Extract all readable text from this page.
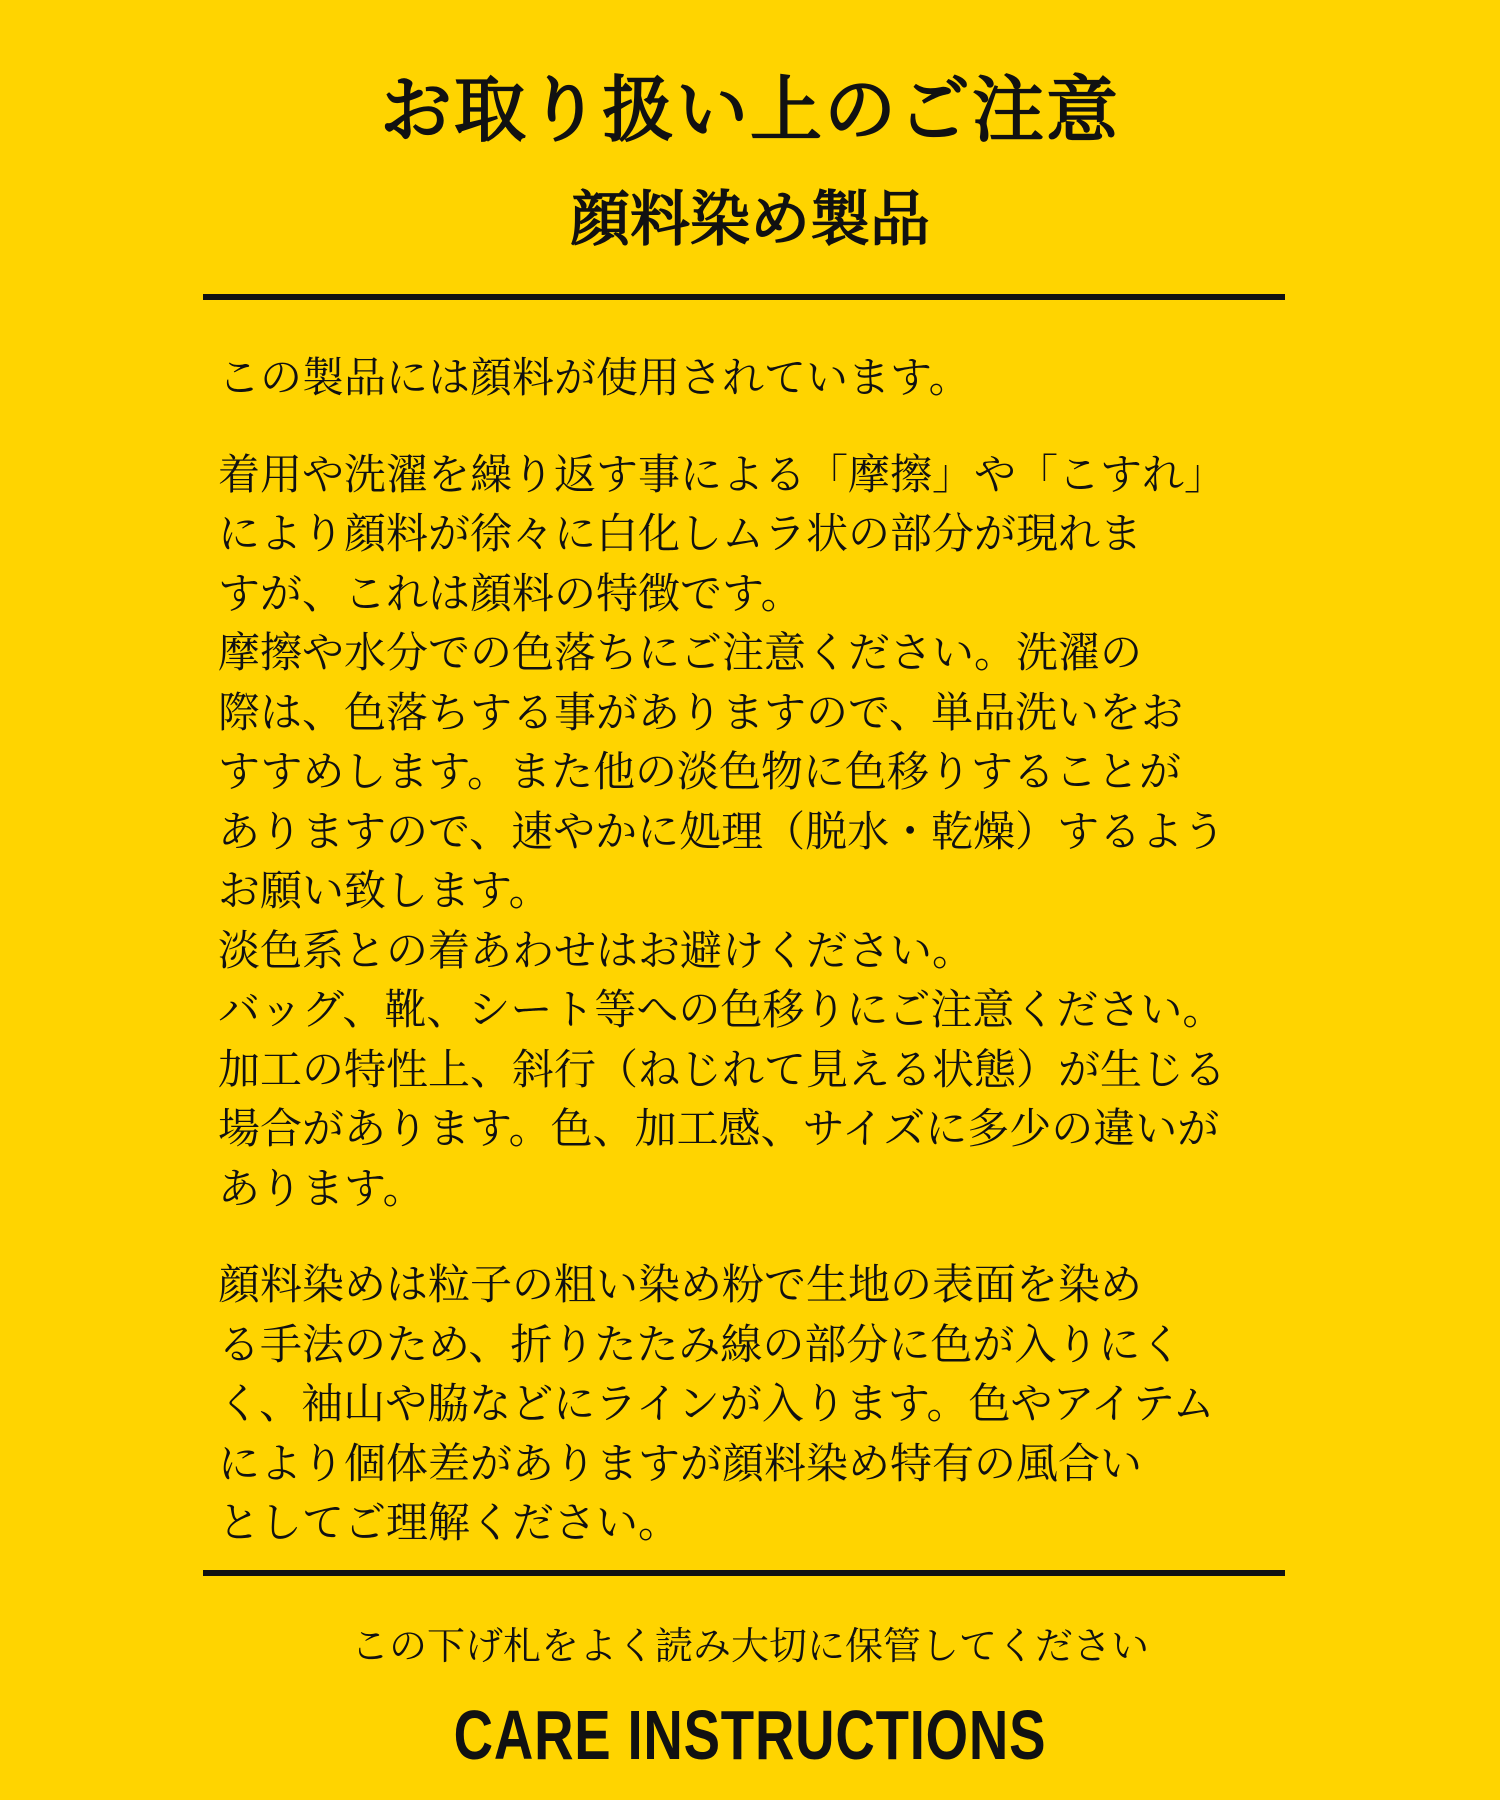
お取り扱い上のご注意
顔料染め製品

この製品には顔料が使用されています。

着用や洗濯を繰り返す事による「摩擦」や「こすれ」
により顔料が徐々に白化しムラ状の部分が現れま
すが、これは顔料の特徴です。
摩擦や水分での色落ちにご注意ください。洗濯の
際は、色落ちする事がありますので、単品洗いをお
すすめします。また他の淡色物に色移りすることが
ありますので、速やかに処理（脱水・乾燥）するよう
お願い致します。
淡色系との着あわせはお避けください。
バッグ、靴、シート等への色移りにご注意ください。
加工の特性上、斜行（ねじれて見える状態）が生じる
場合があります。色、加工感、サイズに多少の違いが
あります。

顔料染めは粒子の粗い染め粉で生地の表面を染め
る手法のため、折りたたみ線の部分に色が入りにく
く、袖山や脇などにラインが入ります。色やアイテム
により個体差がありますが顔料染め特有の風合い
としてご理解ください。

この下げ札をよく読み大切に保管してください

CARE INSTRUCTIONS
